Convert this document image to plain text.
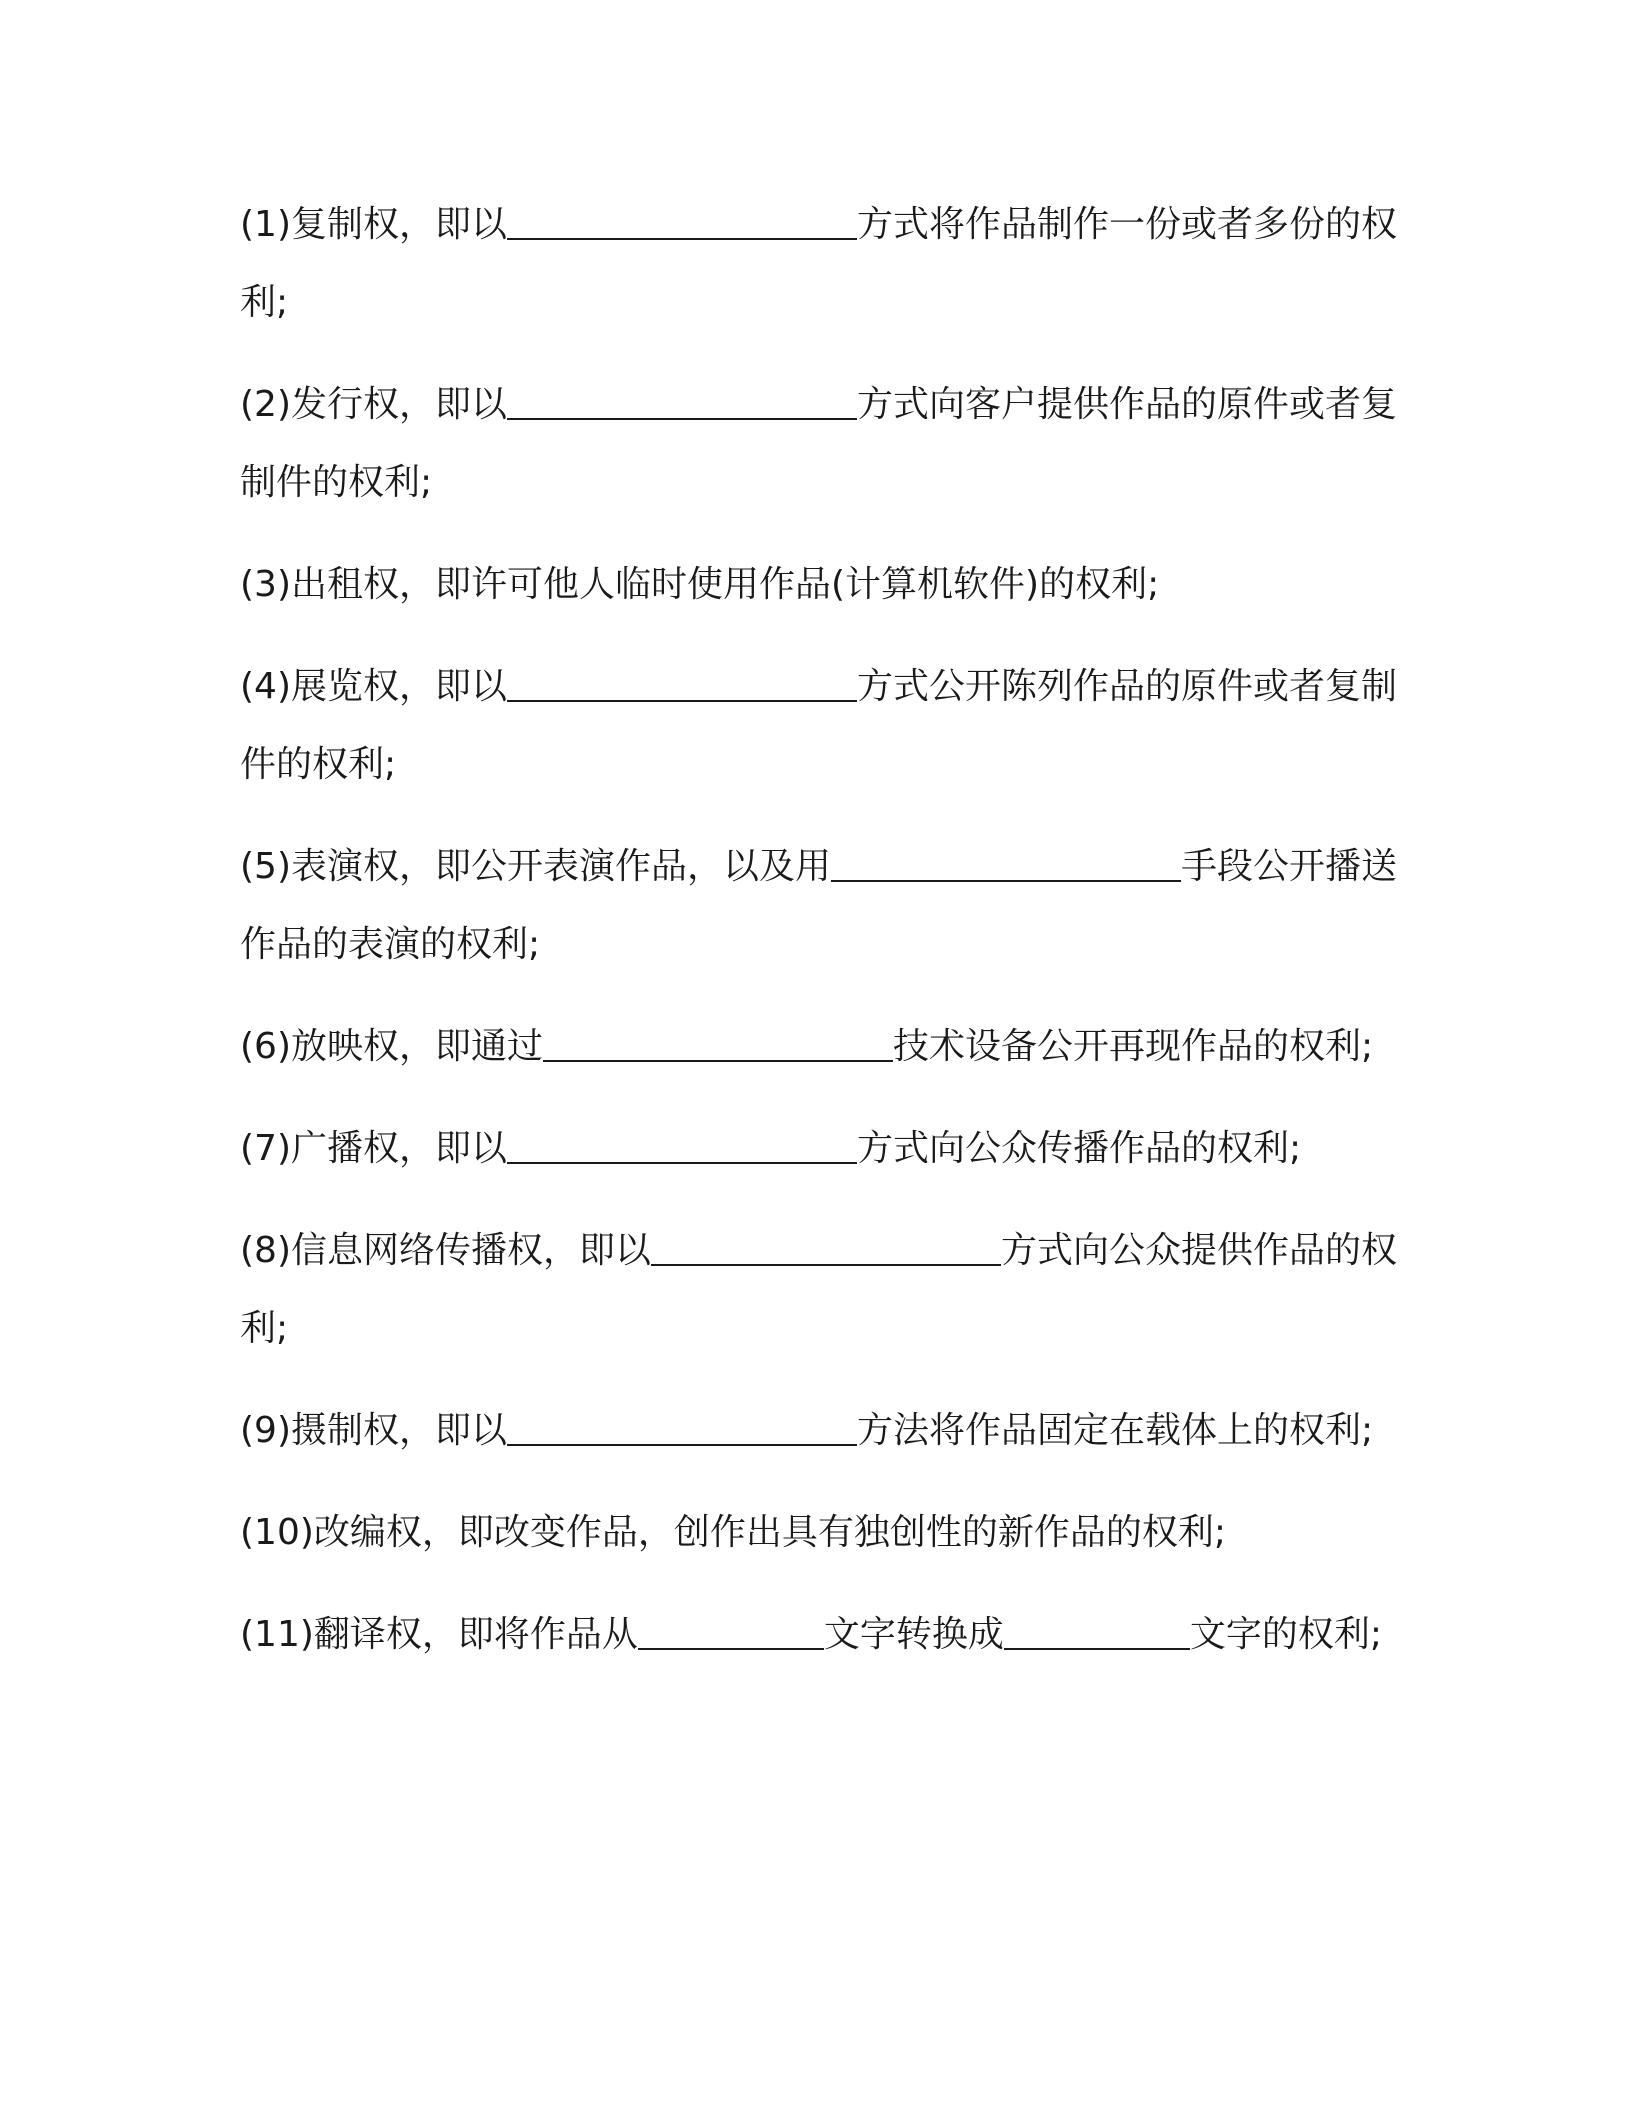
(1)复制权，即以	方式将作品制作一份或者多份的权利;

(2)发行权，即以	方式向客户提供作品的原件或者复制件的权利;

(3)出租权，即许可他人临时使用作品(计算机软件)的权利;

(4)展览权，即以	方式公开陈列作品的原件或者复制件的权利;

(5)表演权，即公开表演作品，以及用	手段公开播送作品的表演的权利;

(6)放映权，即通过	技术设备公开再现作品的权利;

(7)广播权，即以	方式向公众传播作品的权利;

(8)信息网络传播权，即以	方式向公众提供作品的权利;

(9)摄制权，即以	方法将作品固定在载体上的权利;

(10)改编权，即改变作品，创作出具有独创性的新作品的权利;

(11)翻译权，即将作品从	文字转换成	文字的权利;
